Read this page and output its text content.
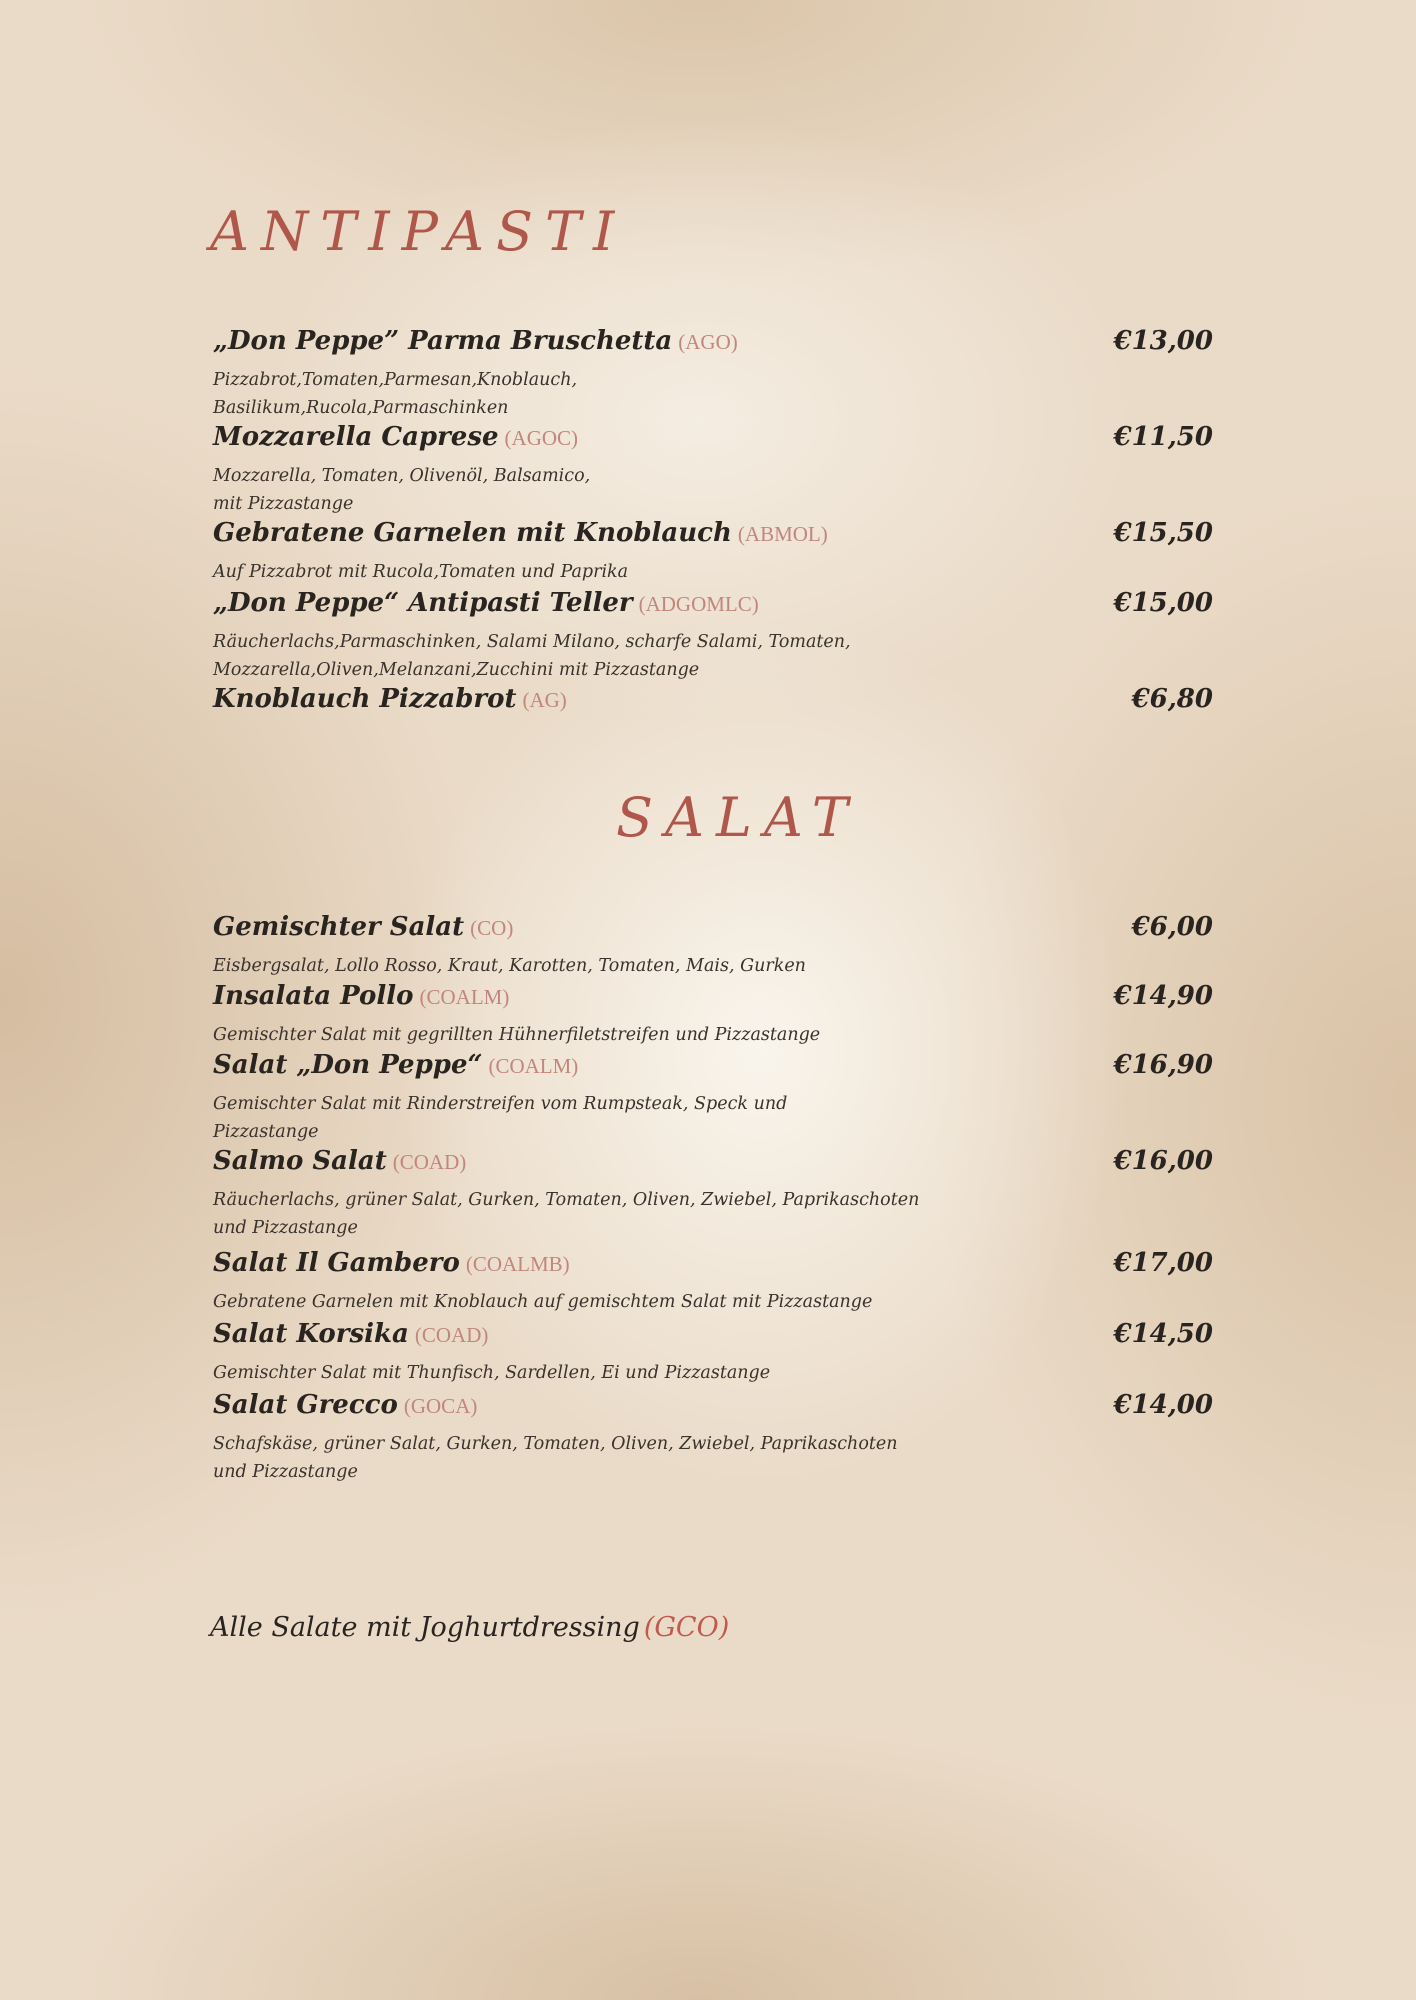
ANTIPASTI
„Don Peppe” Parma Bruschetta (AGO)	€13,00
Pizzabrot,Tomaten,Parmesan,Knoblauch,
Basilikum,Rucola,Parmaschinken
Mozzarella Caprese (AGOC)	€11,50
Mozzarella, Tomaten, Olivenöl, Balsamico,
mit Pizzastange
Gebratene Garnelen mit Knoblauch (ABMOL)	€15,50
Auf Pizzabrot mit Rucola,Tomaten und Paprika
„Don Peppe“ Antipasti Teller (ADGOMLC)	€15,00
Räucherlachs,Parmaschinken, Salami Milano, scharfe Salami, Tomaten,
Mozzarella,Oliven,Melanzani,Zucchini mit Pizzastange
Knoblauch Pizzabrot (AG)	€6,80
SALAT
Gemischter Salat (CO)	€6,00
Eisbergsalat, Lollo Rosso, Kraut, Karotten, Tomaten, Mais, Gurken
Insalata Pollo (COALM)	€14,90
Gemischter Salat mit gegrillten Hühnerfiletstreifen und Pizzastange
Salat „Don Peppe“ (COALM)	€16,90
Gemischter Salat mit Rinderstreifen vom Rumpsteak, Speck und
Pizzastange
Salmo Salat (COAD)	€16,00
Räucherlachs, grüner Salat, Gurken, Tomaten, Oliven, Zwiebel, Paprikaschoten
und Pizzastange
Salat Il Gambero (COALMB)	€17,00
Gebratene Garnelen mit Knoblauch auf gemischtem Salat mit Pizzastange
Salat Korsika (COAD)	€14,50
Gemischter Salat mit Thunfisch, Sardellen, Ei und Pizzastange
Salat Grecco (GOCA)	€14,00
Schafskäse, grüner Salat, Gurken, Tomaten, Oliven, Zwiebel, Paprikaschoten
und Pizzastange
Alle Salate mit Joghurtdressing (GCO)
